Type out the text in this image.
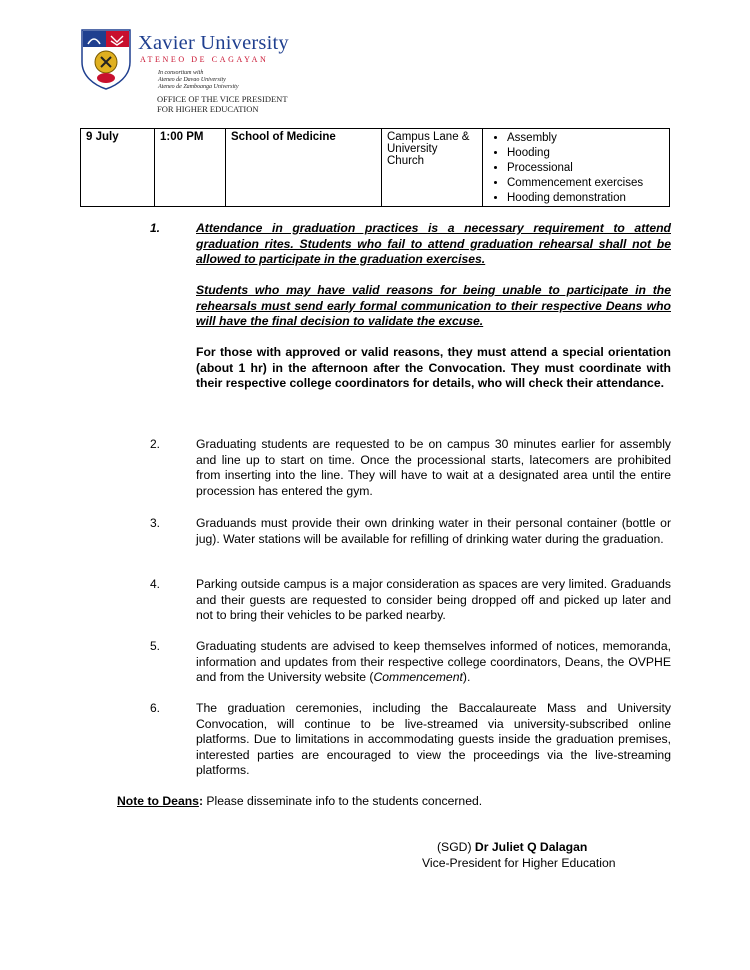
Xavier University
ATENEO DE CAGAYAN
In consortium with
Ateneo de Davao University
Ateneo de Zamboanga University
OFFICE OF THE VICE PRESIDENT
FOR HIGHER EDUCATION
9 July	1:00 PM	School of Medicine	Campus Lane & University Church	
• Assembly
• Hooding
• Processional
• Commencement exercises
• Hooding demonstration
1.	Attendance in graduation practices is a necessary requirement to attend graduation rites. Students who fail to attend graduation rehearsal shall not be allowed to participate in the graduation exercises.
Students who may have valid reasons for being unable to participate in the rehearsals must send early formal communication to their respective Deans who will have the final decision to validate the excuse.
For those with approved or valid reasons, they must attend a special orientation (about 1 hr) in the afternoon after the Convocation. They must coordinate with their respective college coordinators for details, who will check their attendance.
2.	Graduating students are requested to be on campus 30 minutes earlier for assembly and line up to start on time. Once the processional starts, latecomers are prohibited from inserting into the line. They will have to wait at a designated area until the entire procession has entered the gym.
3.	Graduands must provide their own drinking water in their personal container (bottle or jug). Water stations will be available for refilling of drinking water during the graduation.
4.	Parking outside campus is a major consideration as spaces are very limited. Graduands and their guests are requested to consider being dropped off and picked up later and not to bring their vehicles to be parked nearby.
5.	Graduating students are advised to keep themselves informed of notices, memoranda, information and updates from their respective college coordinators, Deans, the OVPHE and from the University website (Commencement).
6.	The graduation ceremonies, including the Baccalaureate Mass and University Convocation, will continue to be live-streamed via university-subscribed online platforms. Due to limitations in accommodating guests inside the graduation premises, interested parties are encouraged to view the proceedings via the live-streaming platforms.
Note to Deans: Please disseminate info to the students concerned.
(SGD) Dr Juliet Q Dalagan
Vice-President for Higher Education
